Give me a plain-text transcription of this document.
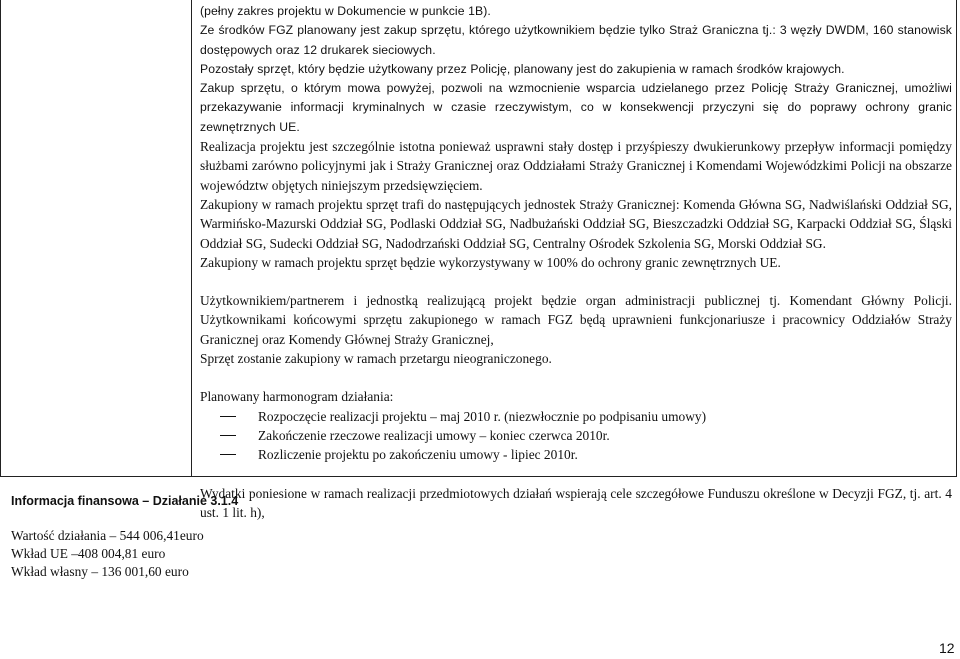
(pełny zakres projektu w Dokumencie w punkcie 1B).

Ze środków FGZ planowany jest zakup sprzętu, którego użytkownikiem będzie tylko Straż Graniczna tj.: 3 węzły DWDM, 160 stanowisk dostępowych oraz 12 drukarek sieciowych.

Pozostały sprzęt, który będzie użytkowany przez Policję, planowany jest do zakupienia w ramach środków krajowych.

Zakup sprzętu, o którym mowa powyżej, pozwoli na wzmocnienie wsparcia udzielanego przez Policję Straży Granicznej, umożliwi przekazywanie informacji kryminalnych w czasie rzeczywistym, co w konsekwencji przyczyni się do poprawy ochrony granic zewnętrznych UE.

Realizacja projektu jest szczególnie istotna ponieważ usprawni stały dostęp i przyśpieszy dwukierunkowy przepływ informacji pomiędzy służbami zarówno policyjnymi jak i Straży Granicznej oraz Oddziałami Straży Granicznej i Komendami Wojewódzkimi Policji na obszarze województw objętych niniejszym przedsięwzięciem.

Zakupiony w ramach projektu sprzęt trafi do następujących jednostek Straży Granicznej: Komenda Główna SG, Nadwiślański Oddział SG, Warmińsko-Mazurski Oddział SG, Podlaski Oddział SG, Nadbużański Oddział SG, Bieszczadzki Oddział SG, Karpacki Oddział SG, Śląski Oddział SG, Sudecki Oddział SG, Nadodrzański Oddział SG, Centralny Ośrodek Szkolenia SG, Morski Oddział SG.

Zakupiony w ramach projektu sprzęt będzie wykorzystywany w 100% do ochrony granic zewnętrznych UE.

Użytkownikiem/partnerem i jednostką realizującą projekt będzie organ administracji publicznej tj. Komendant Główny Policji. Użytkownikami końcowymi sprzętu zakupionego w ramach FGZ będą uprawnieni funkcjonariusze i pracownicy Oddziałów Straży Granicznej oraz Komendy Głównej Straży Granicznej,

Sprzęt zostanie zakupiony w ramach przetargu nieograniczonego.

Planowany harmonogram działania:

Rozpoczęcie realizacji projektu – maj 2010 r. (niezwłocznie po podpisaniu umowy)
Zakończenie rzeczowe realizacji umowy – koniec czerwca 2010r.
Rozliczenie projektu po zakończeniu umowy - lipiec 2010r.

Wydatki poniesione w ramach realizacji przedmiotowych działań wspierają cele szczegółowe Funduszu określone w Decyzji FGZ, tj. art. 4 ust. 1 lit. h),

Informacja finansowa – Działanie 3.1.4
Wartość działania – 544 006,41euro
Wkład UE –408 004,81 euro
Wkład własny – 136 001,60 euro
12
